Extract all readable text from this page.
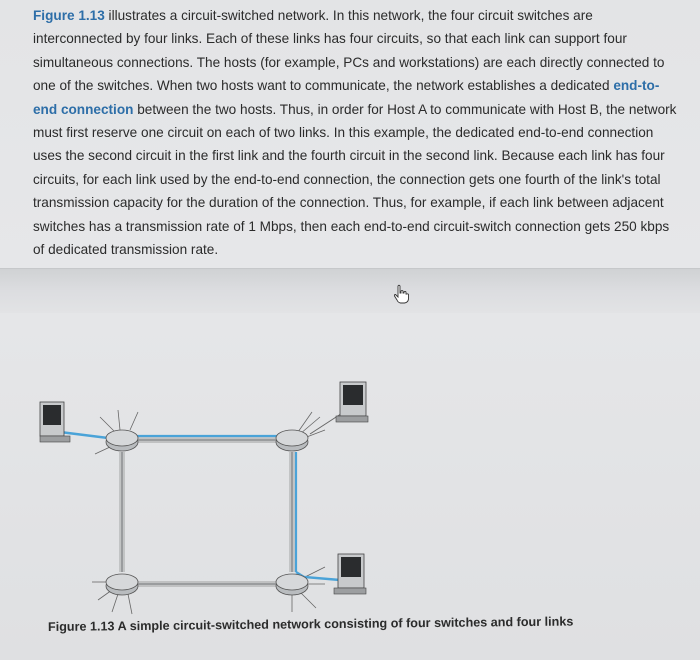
Figure 1.13 illustrates a circuit-switched network. In this network, the four circuit switches are interconnected by four links. Each of these links has four circuits, so that each link can support four simultaneous connections. The hosts (for example, PCs and workstations) are each directly connected to one of the switches. When two hosts want to communicate, the network establishes a dedicated end-to-end connection between the two hosts. Thus, in order for Host A to communicate with Host B, the network must first reserve one circuit on each of two links. In this example, the dedicated end-to-end connection uses the second circuit in the first link and the fourth circuit in the second link. Because each link has four circuits, for each link used by the end-to-end connection, the connection gets one fourth of the link's total transmission capacity for the duration of the connection. Thus, for example, if each link between adjacent switches has a transmission rate of 1 Mbps, then each end-to-end circuit-switch connection gets 250 kbps of dedicated transmission rate.

Figure 1.13 A simple circuit-switched network consisting of four switches and four links
